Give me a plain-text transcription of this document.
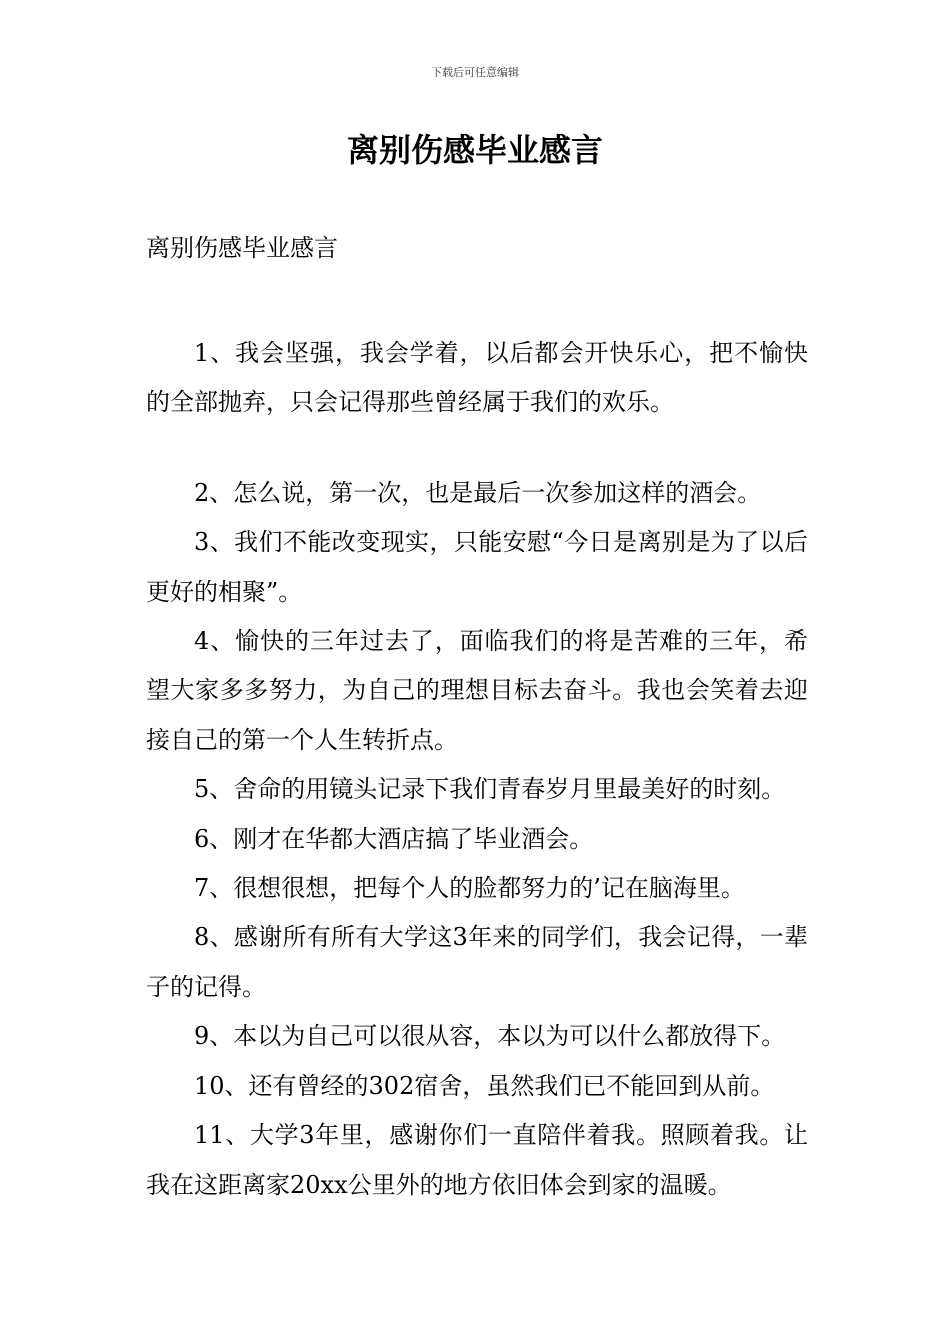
下载后可任意编辑
离别伤感毕业感言

离别伤感毕业感言

1、我会坚强，我会学着，以后都会开快乐心，把不愉快的全部抛弃，只会记得那些曾经属于我们的欢乐。

2、怎么说，第一次，也是最后一次参加这样的酒会。

3、我们不能改变现实，只能安慰“今日是离别是为了以后更好的相聚”。

4、愉快的三年过去了，面临我们的将是苦难的三年，希望大家多多努力，为自己的理想目标去奋斗。我也会笑着去迎接自己的第一个人生转折点。

5、舍命的用镜头记录下我们青春岁月里最美好的时刻。

6、刚才在华都大酒店搞了毕业酒会。

7、很想很想，把每个人的脸都努力的’记在脑海里。

8、感谢所有所有大学这3年来的同学们，我会记得，一辈子的记得。

9、本以为自己可以很从容，本以为可以什么都放得下。

10、还有曾经的302宿舍，虽然我们已不能回到从前。

11、大学3年里，感谢你们一直陪伴着我。照顾着我。让我在这距离家20xx公里外的地方依旧体会到家的温暖。
